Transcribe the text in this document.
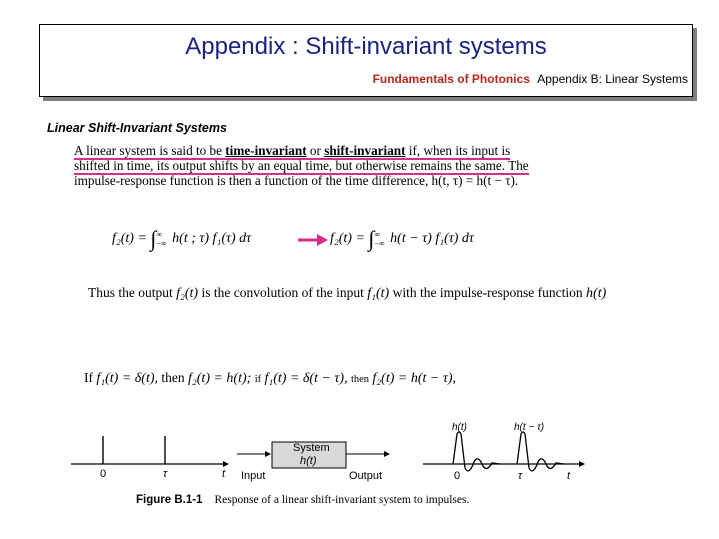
Appendix : Shift-invariant systems
Fundamentals of Photonics Appendix B: Linear Systems
Linear Shift-Invariant Systems

A linear system is said to be time-invariant or shift-invariant if, when its input is

shifted in time, its output shifts by an equal time, but otherwise remains the same. The

impulse-response function is then a function of the time difference, h(t, τ) = h(t − τ).

f₂(t) = ∫∞
−∞ h(t ; τ) f₁(τ) dτ	f₂(t) = ∫∞
−∞ h(t − τ) f₁(τ) dτ
Thus the output f₂(t) is the convolution of the input f₁(t) with the impulse-response function h(t)
If f₁(t) = δ(t), then f₂(t) = h(t); if f₁(t) = δ(t − τ), then f₂(t) = h(t − τ),
0	τ	t Input
System
h(t)
Output
h(t)	h(t − τ)
0	τ	t
Figure B.1-1 Response of a linear shift-invariant system to impulses.
